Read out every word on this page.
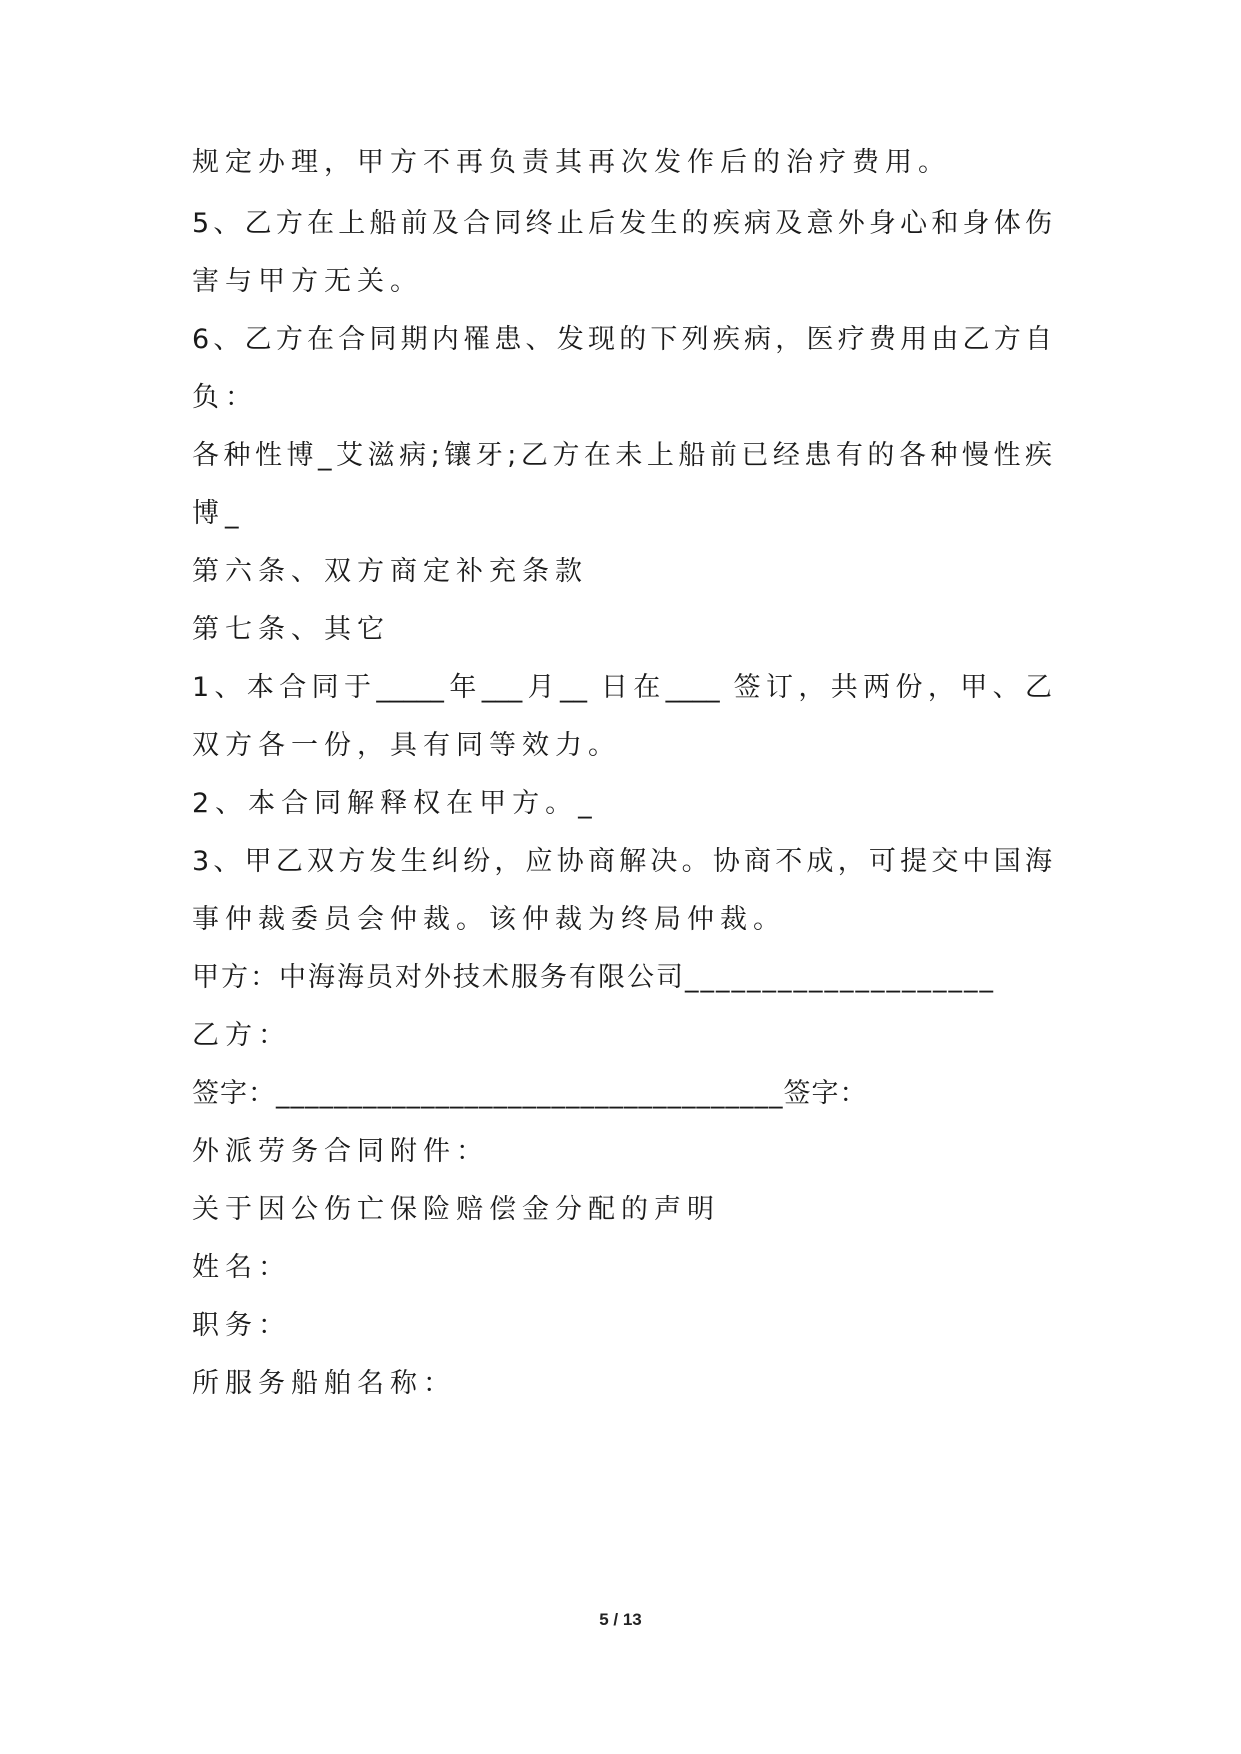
规定办理，甲方不再负责其再次发作后的治疗费用。
5、乙方在上船前及合同终止后发生的疾病及意外身心和身体伤
害与甲方无关。
6、乙方在合同期内罹患、发现的下列疾病，医疗费用由乙方自
负：
各种性博_艾滋病;镶牙;乙方在未上船前已经患有的各种慢性疾
博_
第六条、双方商定补充条款
第七条、其它
1、本合同于_____年___月__ 日在____ 签订，共两份，甲、乙
双方各一份，具有同等效力。
2、本合同解释权在甲方。_
3、甲乙双方发生纠纷，应协商解决。协商不成，可提交中国海
事仲裁委员会仲裁。该仲裁为终局仲裁。
甲方：中海海员对外技术服务有限公司____________________
乙方：
签字：___________________________________签字：
外派劳务合同附件：
关于因公伤亡保险赔偿金分配的声明
姓名：
职务：
所服务船舶名称：
5 / 13
